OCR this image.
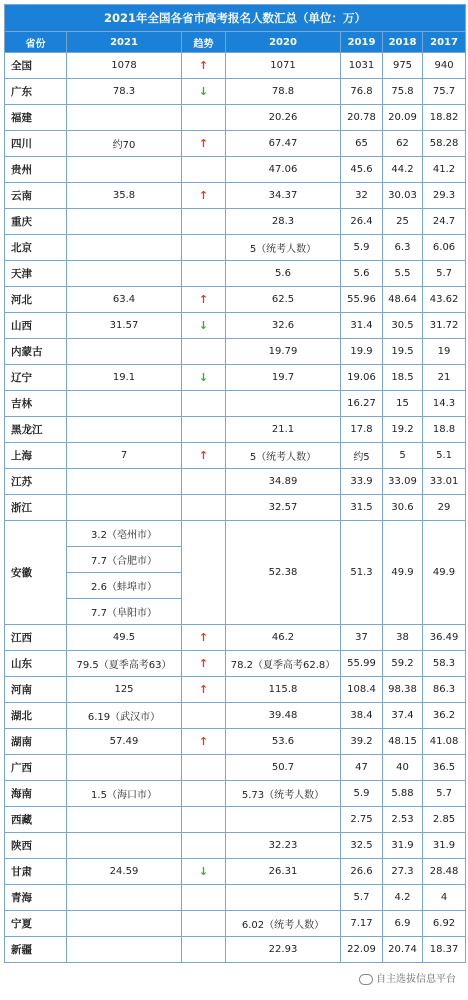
2021年全国各省市高考报名人数汇总（单位：万）						
省份	2021	趋势	2020	2019	2018	2017
全国	1078	↑	1071	1031	975	940
广东	78.3	↓	78.8	76.8	75.8	75.7
福建			20.26	20.78	20.09	18.82
四川	约70	↑	67.47	65	62	58.28
贵州			47.06	45.6	44.2	41.2
云南	35.8	↑	34.37	32	30.03	29.3
重庆			28.3	26.4	25	24.7
北京			5（统考人数）	5.9	6.3	6.06
天津			5.6	5.6	5.5	5.7
河北	63.4	↑	62.5	55.96	48.64	43.62
山西	31.57	↓	32.6	31.4	30.5	31.72
内蒙古			19.79	19.9	19.5	19
辽宁	19.1	↓	19.7	19.06	18.5	21
吉林				16.27	15	14.3
黑龙江			21.1	17.8	19.2	18.8
上海	7	↑	5（统考人数）	约5	5	5.1
江苏			34.89	33.9	33.09	33.01
浙江			32.57	31.5	30.6	29
安徽	3.2（亳州市）		52.38	51.3	49.9	49.9
	7.7（合肥市）					
	2.6（蚌埠市）					
	7.7（阜阳市）					
江西	49.5	↑	46.2	37	38	36.49
山东	79.5（夏季高考63）	↑	78.2（夏季高考62.8）	55.99	59.2	58.3
河南	125	↑	115.8	108.4	98.38	86.3
湖北	6.19（武汉市）		39.48	38.4	37.4	36.2
湖南	57.49	↑	53.6	39.2	48.15	41.08
广西			50.7	47	40	36.5
海南	1.5（海口市）		5.73（统考人数）	5.9	5.88	5.7
西藏				2.75	2.53	2.85
陕西			32.23	32.5	31.9	31.9
甘肃	24.59	↓	26.31	26.6	27.3	28.48
青海				5.7	4.2	4
宁夏			6.02（统考人数）	7.17	6.9	6.92
新疆			22.93	22.09	20.74	18.37
自主选拔信息平台
